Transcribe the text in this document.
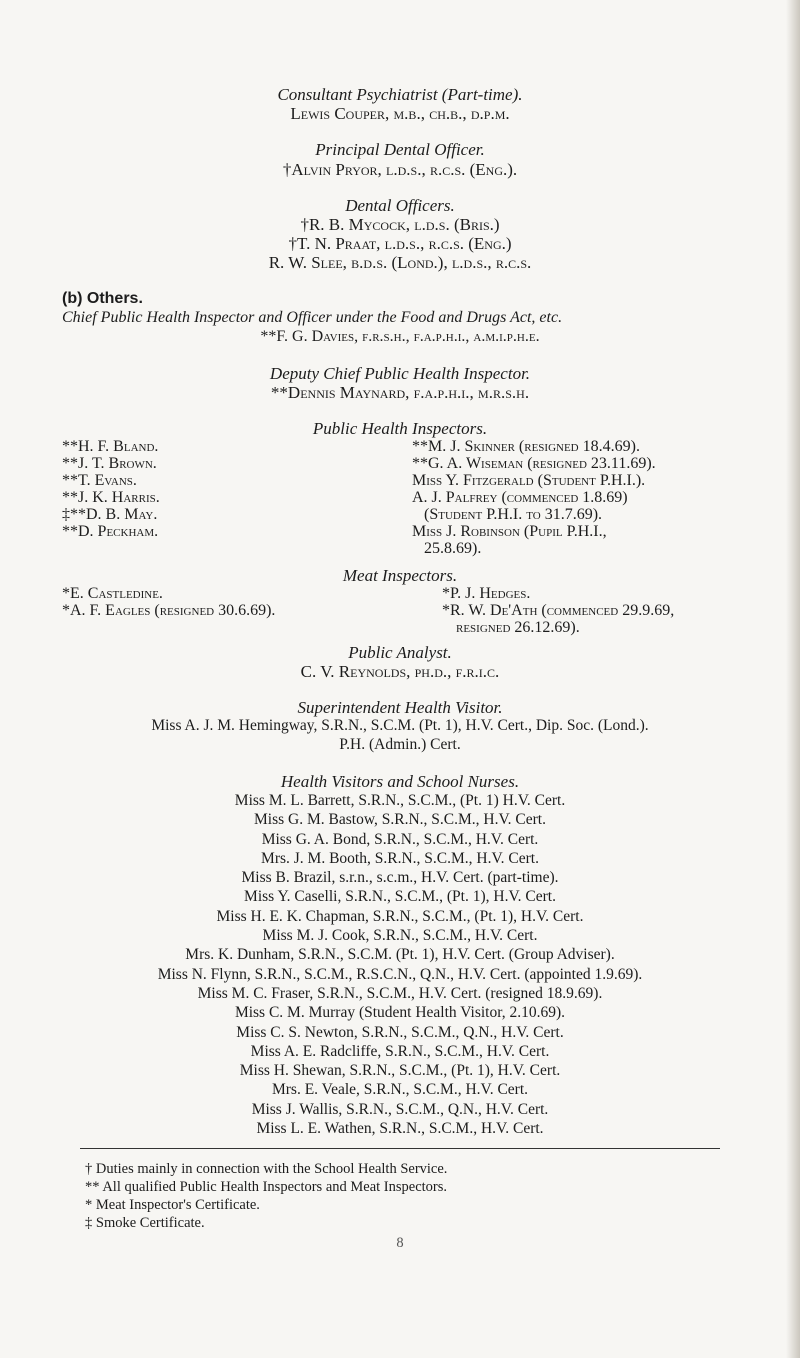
Consultant Psychiatrist (Part-time).
Lewis Couper, m.b., ch.b., d.p.m.
Principal Dental Officer.
†Alvin Pryor, l.d.s., r.c.s. (Eng.).
Dental Officers.
†R. B. Mycock, l.d.s. (Bris.)
†T. N. Praat, l.d.s., r.c.s. (Eng.)
R. W. Slee, b.d.s. (Lond.), l.d.s., r.c.s.
(b) Others.
Chief Public Health Inspector and Officer under the Food and Drugs Act, etc.
**F. G. Davies, f.r.s.h., f.a.p.h.i., a.m.i.p.h.e.
Deputy Chief Public Health Inspector.
**Dennis Maynard, f.a.p.h.i., m.r.s.h.
Public Health Inspectors.
**H. F. Bland.
**J. T. Brown.
**T. Evans.
**J. K. Harris.
‡**D. B. May.
**D. Peckham.
**M. J. Skinner (resigned 18.4.69).
**G. A. Wiseman (resigned 23.11.69).
Miss Y. Fitzgerald (Student P.H.I.).
A. J. Palfrey (commenced 1.8.69)
(Student P.H.I. to 31.7.69).
Miss J. Robinson (Pupil P.H.I.,
25.8.69).
Meat Inspectors.
*E. Castledine.
*A. F. Eagles (resigned 30.6.69).
*P. J. Hedges.
*R. W. De'Ath (commenced 29.9.69,
resigned 26.12.69).
Public Analyst.
C. V. Reynolds, ph.d., f.r.i.c.
Superintendent Health Visitor.
Miss A. J. M. Hemingway, S.R.N., S.C.M. (Pt. 1), H.V. Cert., Dip. Soc. (Lond.).
P.H. (Admin.) Cert.
Health Visitors and School Nurses.
Miss M. L. Barrett, S.R.N., S.C.M., (Pt. 1) H.V. Cert.
Miss G. M. Bastow, S.R.N., S.C.M., H.V. Cert.
Miss G. A. Bond, S.R.N., S.C.M., H.V. Cert.
Mrs. J. M. Booth, S.R.N., S.C.M., H.V. Cert.
Miss B. Brazil, s.r.n., s.c.m., H.V. Cert. (part-time).
Miss Y. Caselli, S.R.N., S.C.M., (Pt. 1), H.V. Cert.
Miss H. E. K. Chapman, S.R.N., S.C.M., (Pt. 1), H.V. Cert.
Miss M. J. Cook, S.R.N., S.C.M., H.V. Cert.
Mrs. K. Dunham, S.R.N., S.C.M. (Pt. 1), H.V. Cert. (Group Adviser).
Miss N. Flynn, S.R.N., S.C.M., R.S.C.N., Q.N., H.V. Cert. (appointed 1.9.69).
Miss M. C. Fraser, S.R.N., S.C.M., H.V. Cert. (resigned 18.9.69).
Miss C. M. Murray (Student Health Visitor, 2.10.69).
Miss C. S. Newton, S.R.N., S.C.M., Q.N., H.V. Cert.
Miss A. E. Radcliffe, S.R.N., S.C.M., H.V. Cert.
Miss H. Shewan, S.R.N., S.C.M., (Pt. 1), H.V. Cert.
Mrs. E. Veale, S.R.N., S.C.M., H.V. Cert.
Miss J. Wallis, S.R.N., S.C.M., Q.N., H.V. Cert.
Miss L. E. Wathen, S.R.N., S.C.M., H.V. Cert.
† Duties mainly in connection with the School Health Service.
** All qualified Public Health Inspectors and Meat Inspectors.
* Meat Inspector's Certificate.
‡ Smoke Certificate.
8
